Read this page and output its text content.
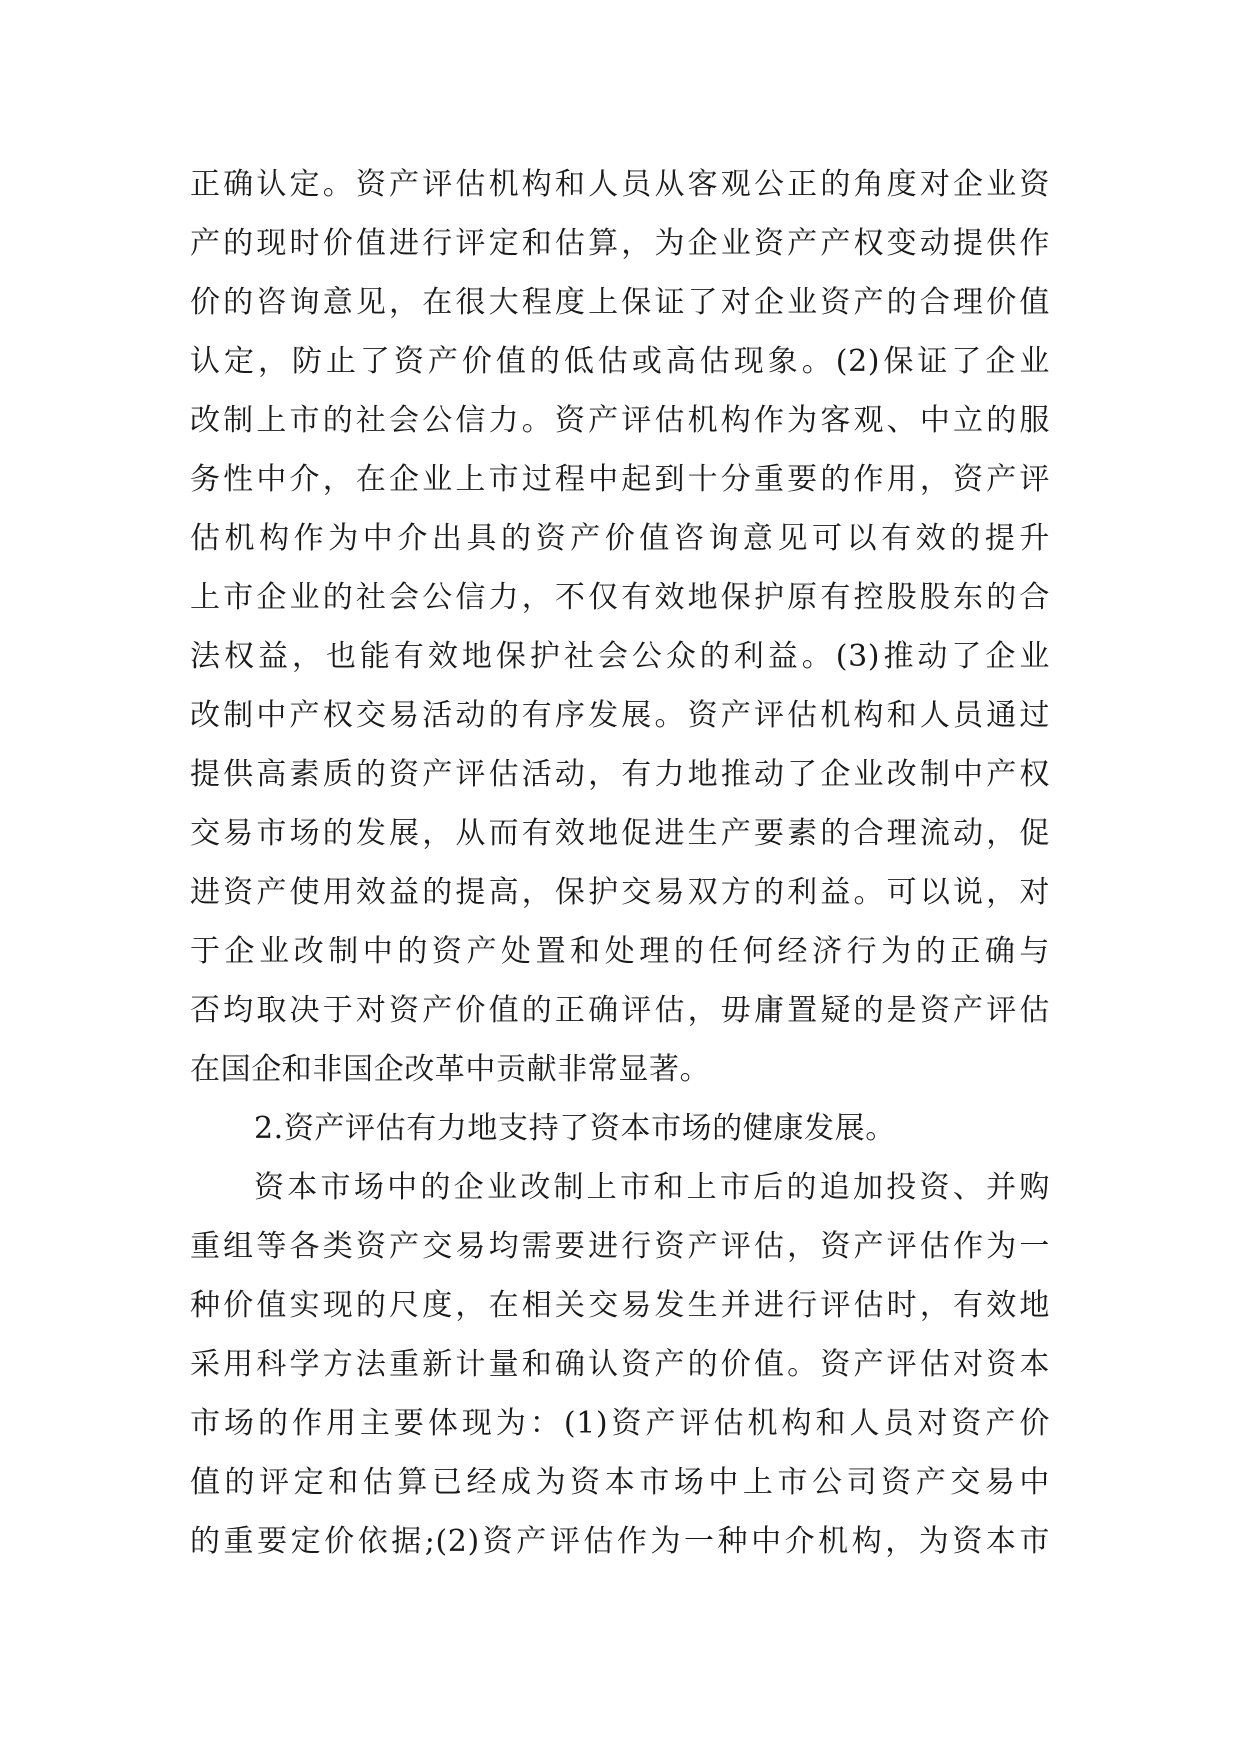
正确认定。资产评估机构和人员从客观公正的角度对企业资
产的现时价值进行评定和估算，为企业资产产权变动提供作
价的咨询意见，在很大程度上保证了对企业资产的合理价值
认定，防止了资产价值的低估或高估现象。(2)保证了企业
改制上市的社会公信力。资产评估机构作为客观、中立的服
务性中介，在企业上市过程中起到十分重要的作用，资产评
估机构作为中介出具的资产价值咨询意见可以有效的提升
上市企业的社会公信力，不仅有效地保护原有控股股东的合
法权益，也能有效地保护社会公众的利益。(3)推动了企业
改制中产权交易活动的有序发展。资产评估机构和人员通过
提供高素质的资产评估活动，有力地推动了企业改制中产权
交易市场的发展，从而有效地促进生产要素的合理流动，促
进资产使用效益的提高，保护交易双方的利益。可以说，对
于企业改制中的资产处置和处理的任何经济行为的正确与
否均取决于对资产价值的正确评估，毋庸置疑的是资产评估
在国企和非国企改革中贡献非常显著。
2.资产评估有力地支持了资本市场的健康发展。
资本市场中的企业改制上市和上市后的追加投资、并购
重组等各类资产交易均需要进行资产评估，资产评估作为一
种价值实现的尺度，在相关交易发生并进行评估时，有效地
采用科学方法重新计量和确认资产的价值。资产评估对资本
市场的作用主要体现为：(1)资产评估机构和人员对资产价
值的评定和估算已经成为资本市场中上市公司资产交易中
的重要定价依据;(2)资产评估作为一种中介机构，为资本市
